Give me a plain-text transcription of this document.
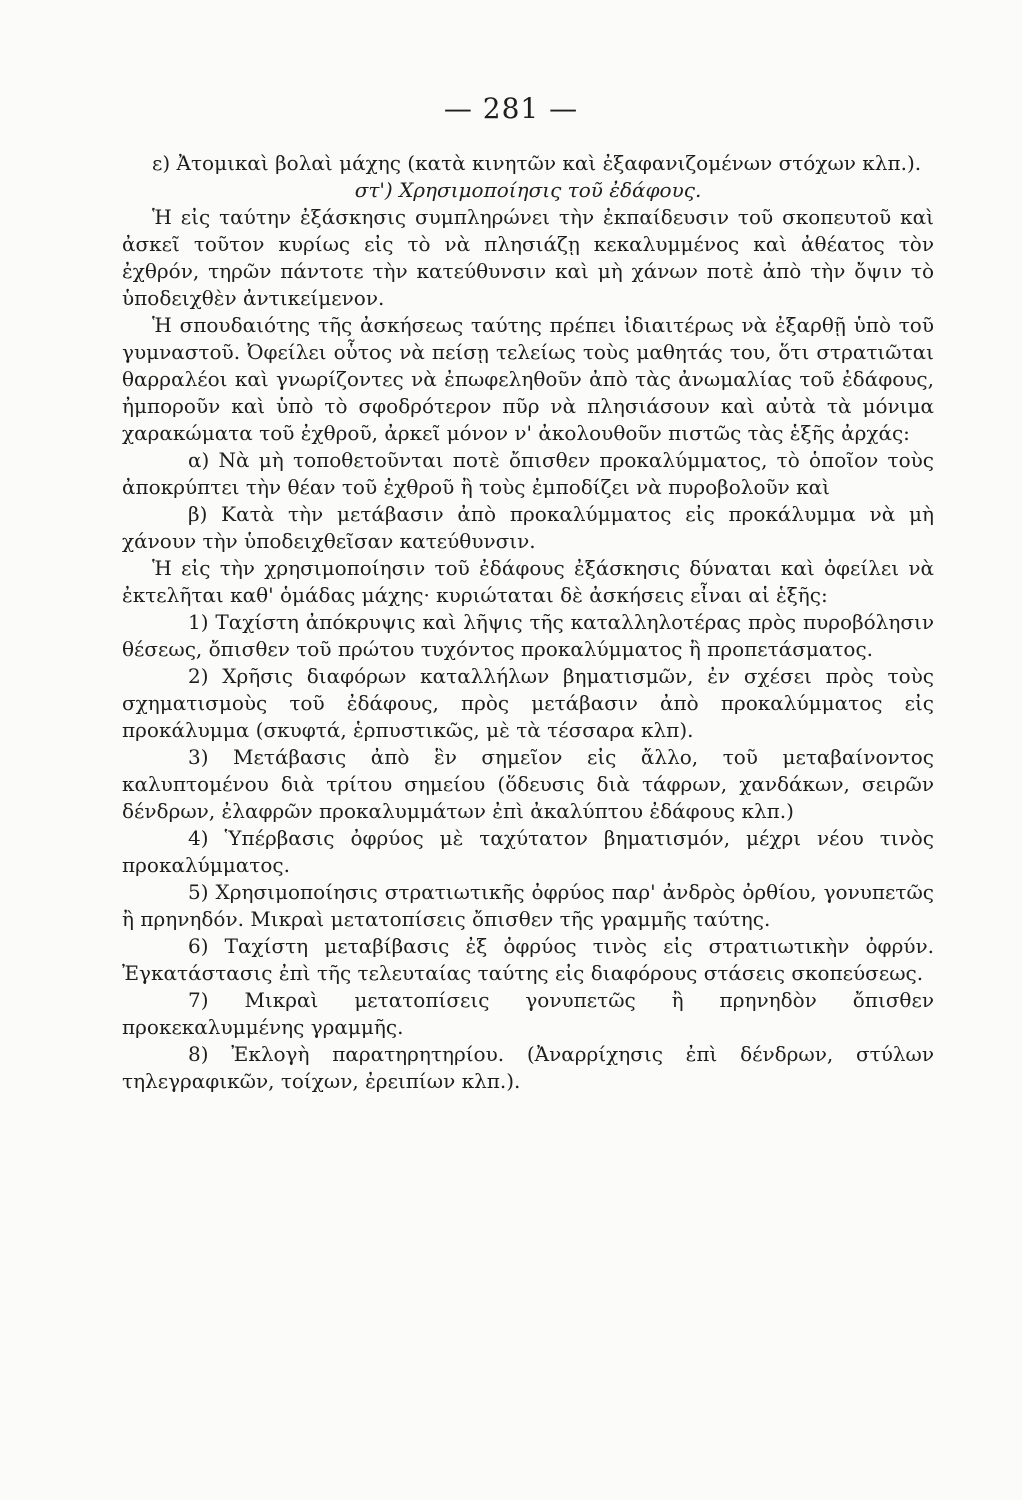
— 281 —

ε) Ἀτομικαὶ βολαὶ μάχης (κατὰ κινητῶν καὶ ἐξαφανιζομένων στόχων κλπ.).

στ') Χρησιμοποίησις τοῦ ἐδάφους.

Ἡ εἰς ταύτην ἐξάσκησις συμπληρώνει τὴν ἐκπαίδευσιν τοῦ σκοπευτοῦ καὶ ἀσκεῖ τοῦτον κυρίως εἰς τὸ νὰ πλησιάζῃ κεκαλυμμένος καὶ ἀθέατος τὸν ἐχθρόν, τηρῶν πάντοτε τὴν κατεύθυνσιν καὶ μὴ χάνων ποτὲ ἀπὸ τὴν ὄψιν τὸ ὑποδειχθὲν ἀντικείμενον.

Ἡ σπουδαιότης τῆς ἀσκήσεως ταύτης πρέπει ἰδιαιτέρως νὰ ἐξαρθῇ ὑπὸ τοῦ γυμναστοῦ. Ὀφείλει οὗτος νὰ πείσῃ τελείως τοὺς μαθητάς του, ὅτι στρατιῶται θαρραλέοι καὶ γνωρίζοντες νὰ ἐπωφεληθοῦν ἀπὸ τὰς ἀνωμαλίας τοῦ ἐδάφους, ἠμποροῦν καὶ ὑπὸ τὸ σφοδρότερον πῦρ νὰ πλησιάσουν καὶ αὐτὰ τὰ μόνιμα χαρακώματα τοῦ ἐχθροῦ, ἀρκεῖ μόνον ν' ἀκολουθοῦν πιστῶς τὰς ἑξῆς ἀρχάς:

α) Νὰ μὴ τοποθετοῦνται ποτὲ ὄπισθεν προκαλύμματος, τὸ ὁποῖον τοὺς ἀποκρύπτει τὴν θέαν τοῦ ἐχθροῦ ἢ τοὺς ἐμποδίζει νὰ πυροβολοῦν καὶ

β) Κατὰ τὴν μετάβασιν ἀπὸ προκαλύμματος εἰς προκάλυμμα νὰ μὴ χάνουν τὴν ὑποδειχθεῖσαν κατεύθυνσιν.

Ἡ εἰς τὴν χρησιμοποίησιν τοῦ ἐδάφους ἐξάσκησις δύναται καὶ ὀφείλει νὰ ἐκτελῆται καθ' ὁμάδας μάχης· κυριώταται δὲ ἀσκήσεις εἶναι αἱ ἑξῆς:

1) Ταχίστη ἀπόκρυψις καὶ λῆψις τῆς καταλληλοτέρας πρὸς πυροβόλησιν θέσεως, ὄπισθεν τοῦ πρώτου τυχόντος προκαλύμματος ἢ προπετάσματος.

2) Χρῆσις διαφόρων καταλλήλων βηματισμῶν, ἐν σχέσει πρὸς τοὺς σχηματισμοὺς τοῦ ἐδάφους, πρὸς μετάβασιν ἀπὸ προκαλύμματος εἰς προκάλυμμα (σκυφτά, ἑρπυστικῶς, μὲ τὰ τέσσαρα κλπ).

3) Μετάβασις ἀπὸ ἓν σημεῖον εἰς ἄλλο, τοῦ μεταβαίνοντος καλυπτομένου διὰ τρίτου σημείου (ὅδευσις διὰ τάφρων, χανδάκων, σειρῶν δένδρων, ἐλαφρῶν προκαλυμμάτων ἐπὶ ἀκαλύπτου ἐδάφους κλπ.)

4) Ὑπέρβασις ὀφρύος μὲ ταχύτατον βηματισμόν, μέχρι νέου τινὸς προκαλύμματος.

5) Χρησιμοποίησις στρατιωτικῆς ὀφρύος παρ' ἀνδρὸς ὀρθίου, γονυπετῶς ἢ πρηνηδόν. Μικραὶ μετατοπίσεις ὄπισθεν τῆς γραμμῆς ταύτης.

6) Ταχίστη μεταβίβασις ἐξ ὀφρύος τινὸς εἰς στρατιωτικὴν ὀφρύν. Ἐγκατάστασις ἐπὶ τῆς τελευταίας ταύτης εἰς διαφόρους στάσεις σκοπεύσεως.

7) Μικραὶ μετατοπίσεις γονυπετῶς ἢ πρηνηδὸν ὄπισθεν προκεκαλυμμένης γραμμῆς.

8) Ἐκλογὴ παρατηρητηρίου. (Ἀναρρίχησις ἐπὶ δένδρων, στύλων τηλεγραφικῶν, τοίχων, ἐρειπίων κλπ.).
